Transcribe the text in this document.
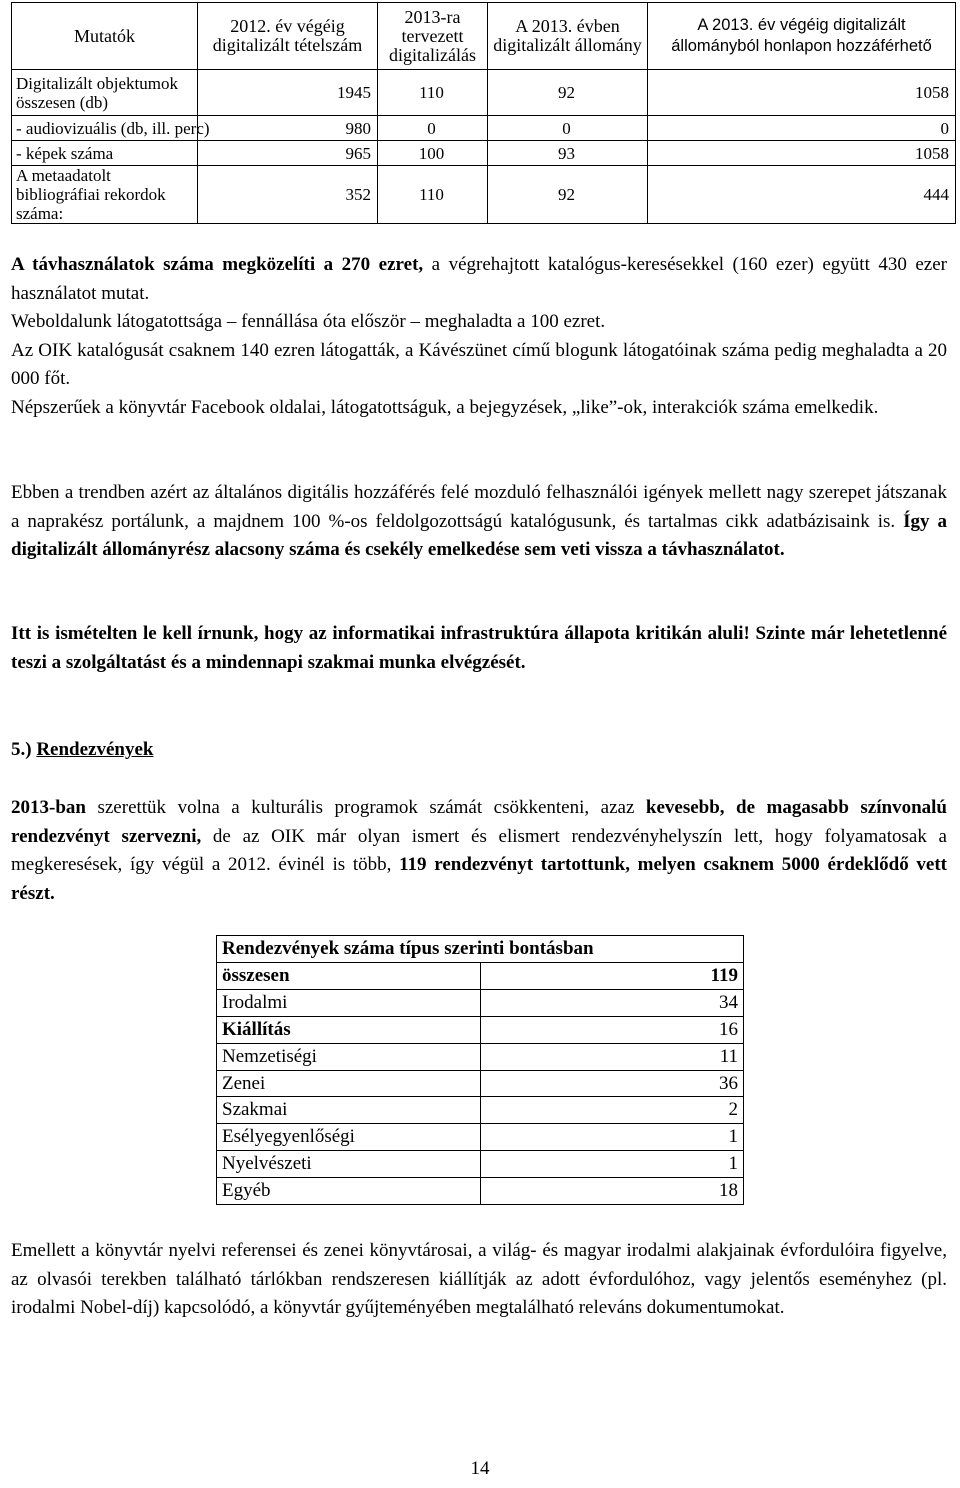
Mutatók	2012. év végéig digitalizált tételszám	2013-ra tervezett digitalizálás	A 2013. évben digitalizált állomány	A 2013. év végéig digitalizált állományból honlapon hozzáférhető
Digitalizált objektumok összesen (db)	1945	110	92	1058
- audiovizuális (db, ill. perc)	980	0	0	0
- képek száma	965	100	93	1058
A metaadatolt bibliográfiai rekordok száma:	352	110	92	444

A távhasználatok száma megközelíti a 270 ezret, a végrehajtott katalógus-keresésekkel (160 ezer) együtt 430 ezer használatot mutat.

Weboldalunk látogatottsága – fennállása óta először – meghaladta a 100 ezret.

Az OIK katalógusát csaknem 140 ezren látogatták, a Kávészünet című blogunk látogatóinak száma pedig meghaladta a 20 000 főt.

Népszerűek a könyvtár Facebook oldalai, látogatottságuk, a bejegyzések, „like”-ok, interakciók száma emelkedik.

Ebben a trendben azért az általános digitális hozzáférés felé mozduló felhasználói igények mellett nagy szerepet játszanak a naprakész portálunk, a majdnem 100 %-os feldolgozottságú katalógusunk, és tartalmas cikk adatbázisaink is. Így a digitalizált állományrész alacsony száma és csekély emelkedése sem veti vissza a távhasználatot.

Itt is ismételten le kell írnunk, hogy az informatikai infrastruktúra állapota kritikán aluli! Szinte már lehetetlenné teszi a szolgáltatást és a mindennapi szakmai munka elvégzését.

5.) Rendezvények

2013-ban szerettük volna a kulturális programok számát csökkenteni, azaz kevesebb, de magasabb színvonalú rendezvényt szervezni, de az OIK már olyan ismert és elismert rendezvényhelyszín lett, hogy folyamatosak a megkeresések, így végül a 2012. évinél is több, 119 rendezvényt tartottunk, melyen csaknem 5000 érdeklődő vett részt.

Rendezvények száma típus szerinti bontásban	
összesen	119
Irodalmi	34
Kiállítás	16
Nemzetiségi	11
Zenei	36
Szakmai	2
Esélyegyenlőségi	1
Nyelvészeti	1
Egyéb	18

Emellett a könyvtár nyelvi referensei és zenei könyvtárosai, a világ- és magyar irodalmi alakjainak évfordulóira figyelve, az olvasói terekben található tárlókban rendszeresen kiállítják az adott évfordulóhoz, vagy jelentős eseményhez (pl. irodalmi Nobel-díj) kapcsolódó, a könyvtár gyűjteményében megtalálható releváns dokumentumokat.

14
